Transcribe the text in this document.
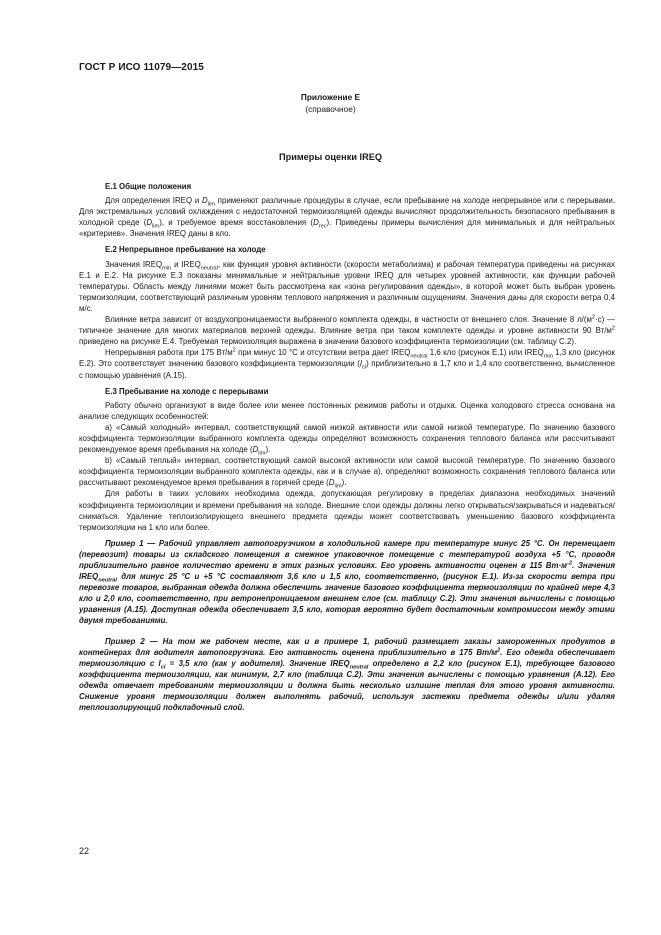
ГОСТ Р ИСО 11079—2015
Приложение Е
(справочное)
Примеры оценки IREQ
Е.1 Общие положения

Для определения IREQ и $D_{lim}$ применяют различные процедуры в случае, если пребывание на холоде непрерывное или с перерывами. Для экстремальных условий охлаждения с недостаточной термоизоляцией одежды вычисляют продолжительность безопасного пребывания в холодной среде $(D_{lim})$, и требуемое время восстановления $(D_{rec})$. Приведены примеры вычисления для минимальных и для нейтральных «критериев». Значения IREQ даны в кло.

Е.2 Непрерывное пребывание на холоде

Значения $IREQ_{min}$ и $IREQ_{neutral}$, как функция уровня активности (скорости метаболизма) и рабочая температура приведены на рисунках Е.1 и Е.2. На рисунке Е.3 показаны минимальные и нейтральные уровни IREQ для четырех уровней активности, как функции рабочей температуры. Область между линиями может быть рассмотрена как «зона регулирования одежды», в которой может быть выбран уровень термоизоляции, соответствующий различным уровням теплового напряжения и различным ощущениям. Значения даны для скорости ветра 0,4 м/с.

Влияние ветра зависит от воздухопроницаемости выбранного комплекта одежды, в частности от внешнего слоя. Значение 8 $л/(м^2\cdot с)$ — типичное значение для многих материалов верхней одежды. Влияние ветра при таком комплекте одежды и уровне активности 90 $Вт/м^2$ приведено на рисунке Е.4. Требуемая термоизоляция выражена в значении базового коэффициента термоизоляции (см. таблицу С.2).

Непрерывная работа при 175 $Вт/м^2$ при минус 10 °С и отсутствии ветра дает $IREQ_{neutral}$ 1,6 кло (рисунок Е.1) или $IREQ_{min}$ 1,3 кло (рисунок Е.2). Это соответствует значению базового коэффициента термоизоляции $(I_{cl})$ приблизительно в 1,7 кло и 1,4 кло соответственно, вычисленное с помощью уравнения (А.15).

Е.3 Пребывание на холоде с перерывами

Работу обычно организуют в виде более или менее постоянных режимов работы и отдыха. Оценка холодового стресса основана на анализе следующих особенностей:

a) «Самый холодный» интервал, соответствующий самой низкой активности или самой низкой температуре. По значению базового коэффициента термоизоляции выбранного комплекта одежды определяют возможность сохранения теплового баланса или рассчитывают рекомендуемое время пребывания на холоде $(D_{lim})$.

b) «Самый теплый» интервал, соответствующий самой высокой активности или самой высокой температуре. По значению базового коэффициента термоизоляции выбранного комплекта одежды, как и в случае а), определяют возможность сохранения теплового баланса или рассчитывают рекомендуемое время пребывания в горячей среде $(D_{lim})$.

Для работы в таких условиях необходима одежда, допускающая регулировку в пределах диапазона необходимых значений коэффициента термоизоляции и времени пребывания на холоде. Внешние слои одежды должны легко открываться/закрываться и надеваться/сниматься. Удаление теплоизолирующего внешнего предмета одежды может соответствовать уменьшению базового коэффициента термоизоляции на 1 кло или более.

Пример 1 — Рабочий управляет автопогрузчиком в холодильной камере при температуре минус 25 °С. Он перемещает (перевозит) товары из складского помещения в смежное упаковочное помещение с температурой воздуха +5 °С, проводя приблизительно равное количество времени в этих разных условиях. Его уровень активности оценен в 115 $Вт\cdot м^{-2}$. Значения $IREQ_{neutral}$ для минус 25 °С и +5 °С составляют 3,6 кло и 1,5 кло, соответственно, (рисунок Е.1). Из-за скорости ветра при перевозке товаров, выбранная одежда должна обеспечить значение базового коэффициента термоизоляции по крайней мере 4,3 кло и 2,0 кло, соответственно, при ветронепроницаемом внешнем слое (см. таблицу С.2). Эти значения вычислены с помощью уравнения (А.15). Доступная одежда обеспечивает 3,5 кло, которая вероятно будет достаточным компромиссом между этими двумя требованиями.

Пример 2 — На том же рабочем месте, как и в примере 1, рабочий размещает заказы замороженных продуктов в контейнерах для водителя автопогрузчика. Его активность оценена приблизительно в 175 $Вт/м^2$. Его одежда обеспечивает термоизоляцию с $I_{cl} = 3,5$ кло (как у водителя). Значение $IREQ_{neutral}$ определено в 2,2 кло (рисунок Е.1), требующее базового коэффициента термоизоляции, как минимум, 2,7 кло (таблица С.2). Эти значения вычислены с помощью уравнения (А.12). Его одежда отвечает требованиям термоизоляции и должна быть несколько излишне теплая для этого уровня активности. Снижение уровня термоизоляции должен выполнять рабочий, используя застежки предмета одежды и/или удаляя теплоизолирующий подкладочный слой.

22
